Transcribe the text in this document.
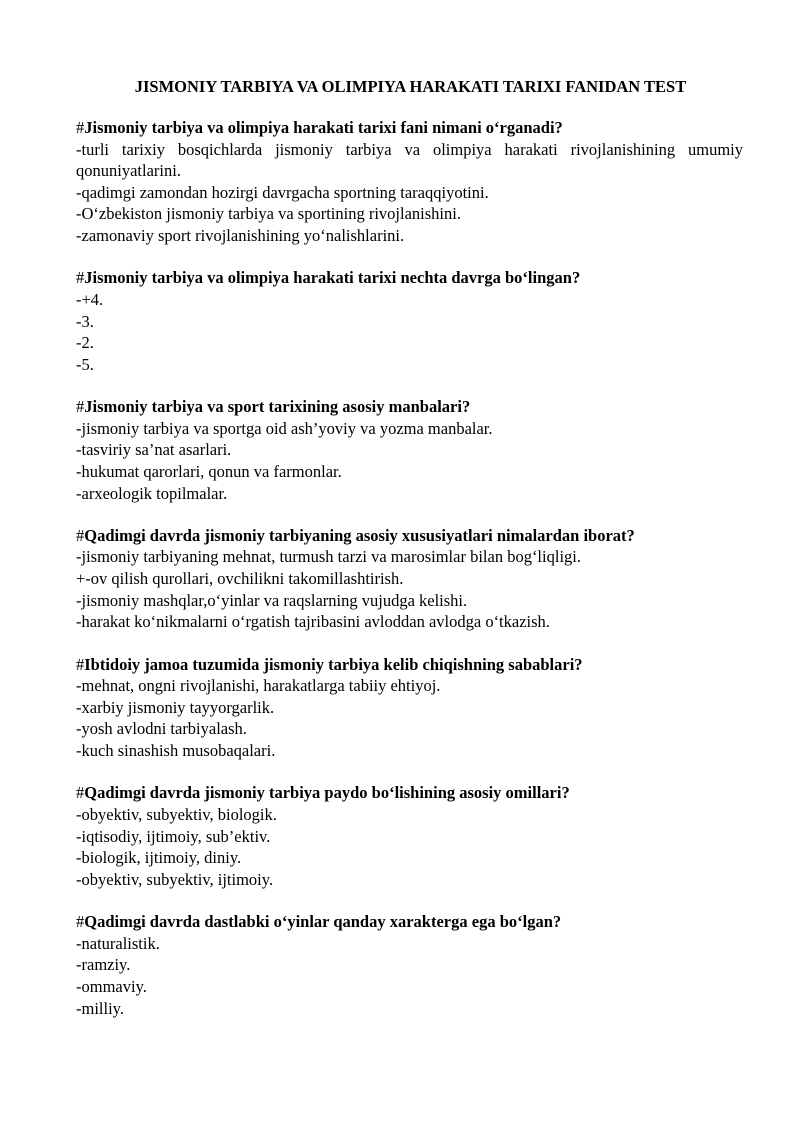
JISMONIY TARBIYA VA OLIMPIYA HARAKATI TARIXI FANIDAN TEST

#Jismoniy tarbiya va olimpiya harakati tarixi fani nimani o‘rganadi?

-turli tarixiy bosqichlarda jismoniy tarbiya va olimpiya harakati rivojlanishining umumiy qonuniyatlarini.

-qadimgi zamondan hozirgi davrgacha sportning taraqqiyotini.

-O‘zbekiston jismoniy tarbiya va sportining rivojlanishini.

-zamonaviy sport rivojlanishining yo‘nalishlarini.

#Jismoniy tarbiya va olimpiya harakati tarixi nechta davrga bo‘lingan?

-+4.

-3.

-2.

-5.

#Jismoniy tarbiya va sport tarixining asosiy manbalari?

-jismoniy tarbiya va sportga oid ash’yoviy va yozma manbalar.

-tasviriy sa’nat asarlari.

-hukumat qarorlari, qonun va farmonlar.

-arxeologik topilmalar.

#Qadimgi davrda jismoniy tarbiyaning asosiy xususiyatlari nimalardan iborat?

-jismoniy tarbiyaning mehnat, turmush tarzi va marosimlar bilan bog‘liqligi.

+-ov qilish qurollari, ovchilikni takomillashtirish.

-jismoniy mashqlar,o‘yinlar va raqslarning vujudga kelishi.

-harakat ko‘nikmalarni o‘rgatish tajribasini avloddan avlodga o‘tkazish.

#Ibtidoiy jamoa tuzumida jismoniy tarbiya kelib chiqishning sabablari?

-mehnat, ongni rivojlanishi, harakatlarga tabiiy ehtiyoj.

-xarbiy jismoniy tayyorgarlik.

-yosh avlodni tarbiyalash.

-kuch sinashish musobaqalari.

#Qadimgi davrda jismoniy tarbiya paydo bo‘lishining asosiy omillari?

-obyektiv, subyektiv, biologik.

-iqtisodiy, ijtimoiy, sub’ektiv.

-biologik, ijtimoiy, diniy.

-obyektiv, subyektiv, ijtimoiy.

#Qadimgi davrda dastlabki o‘yinlar qanday xarakterga ega bo‘lgan?

-naturalistik.

-ramziy.

-ommaviy.

-milliy.
